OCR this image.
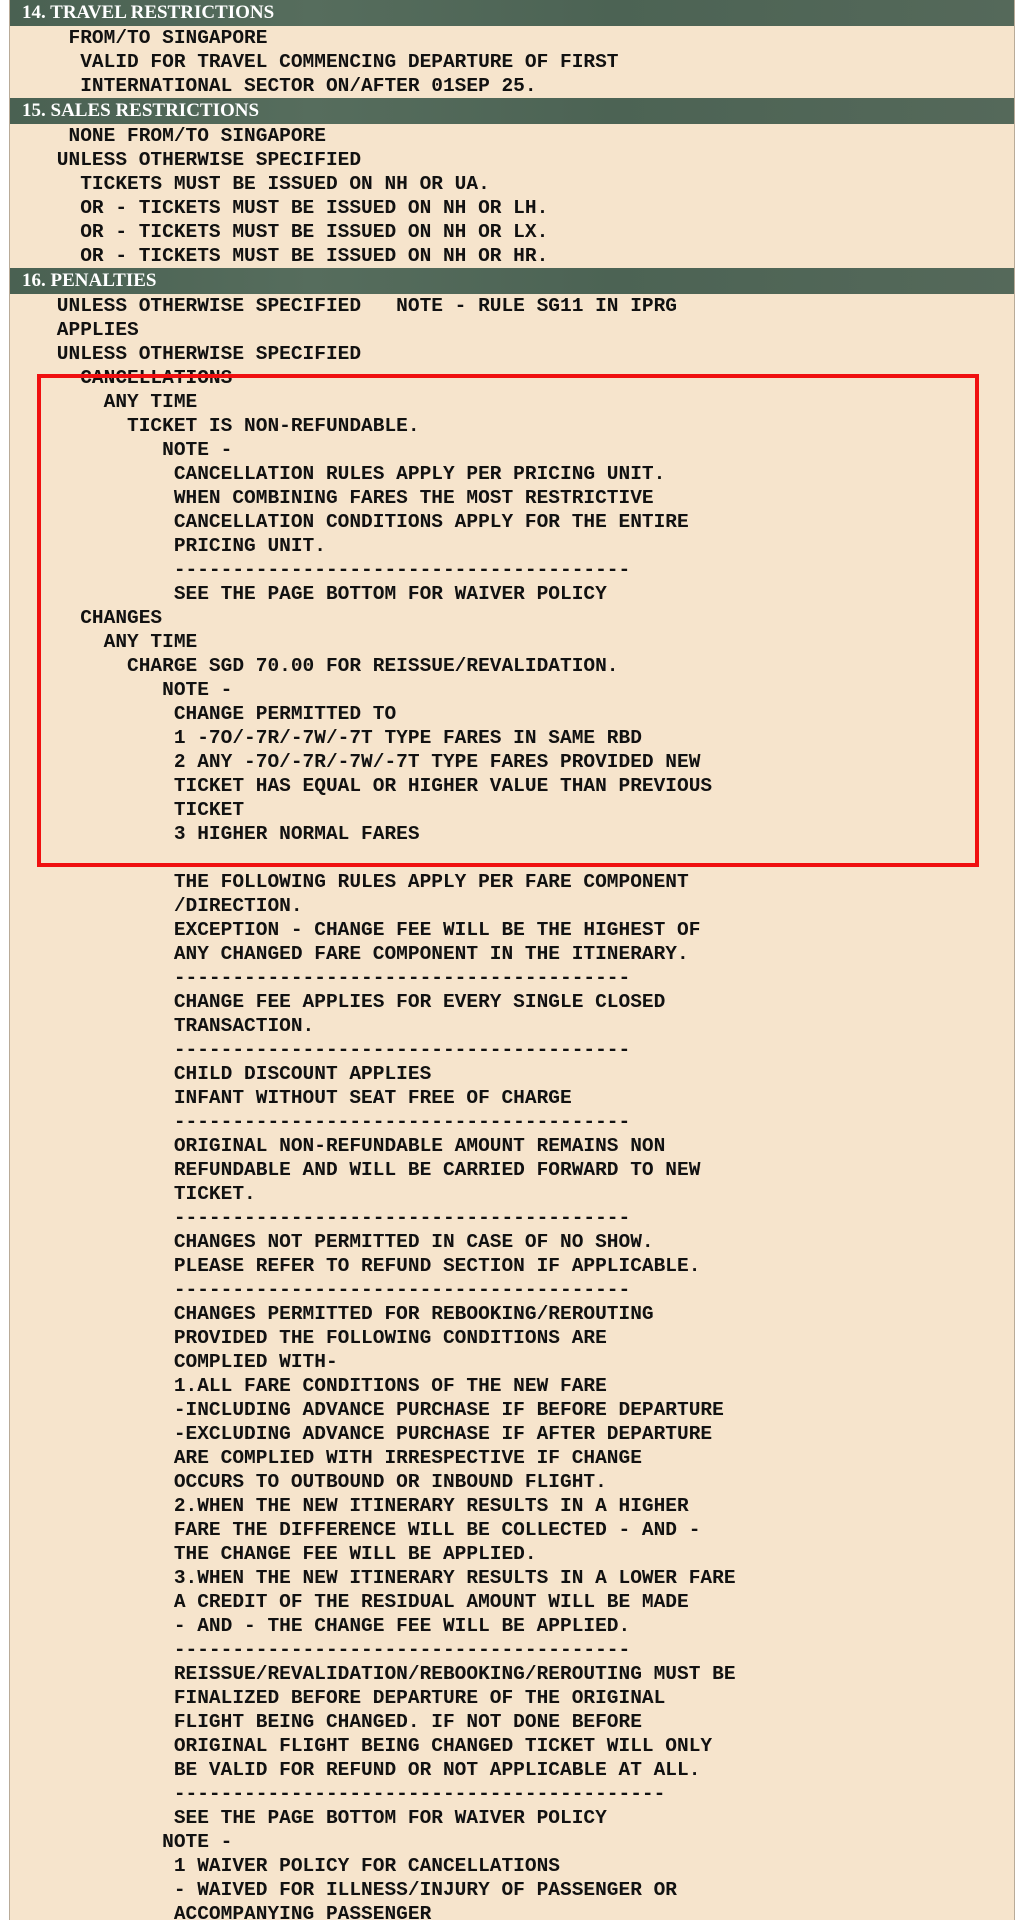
14. TRAVEL RESTRICTIONS
FROM/TO SINGAPORE
VALID FOR TRAVEL COMMENCING DEPARTURE OF FIRST
INTERNATIONAL SECTOR ON/AFTER 01SEP 25.
15. SALES RESTRICTIONS
NONE FROM/TO SINGAPORE
UNLESS OTHERWISE SPECIFIED
TICKETS MUST BE ISSUED ON NH OR UA.
OR - TICKETS MUST BE ISSUED ON NH OR LH.
OR - TICKETS MUST BE ISSUED ON NH OR LX.
OR - TICKETS MUST BE ISSUED ON NH OR HR.
16. PENALTIES
UNLESS OTHERWISE SPECIFIED   NOTE - RULE SG11 IN IPRG
APPLIES
UNLESS OTHERWISE SPECIFIED
CANCELLATIONS
ANY TIME
TICKET IS NON-REFUNDABLE.
NOTE -
CANCELLATION RULES APPLY PER PRICING UNIT.
WHEN COMBINING FARES THE MOST RESTRICTIVE
CANCELLATION CONDITIONS APPLY FOR THE ENTIRE
PRICING UNIT.
---------------------------------------
SEE THE PAGE BOTTOM FOR WAIVER POLICY
CHANGES
ANY TIME
CHARGE SGD 70.00 FOR REISSUE/REVALIDATION.
NOTE -
CHANGE PERMITTED TO
1 -7O/-7R/-7W/-7T TYPE FARES IN SAME RBD
2 ANY -7O/-7R/-7W/-7T TYPE FARES PROVIDED NEW
TICKET HAS EQUAL OR HIGHER VALUE THAN PREVIOUS
TICKET
3 HIGHER NORMAL FARES
THE FOLLOWING RULES APPLY PER FARE COMPONENT
/DIRECTION.
EXCEPTION - CHANGE FEE WILL BE THE HIGHEST OF
ANY CHANGED FARE COMPONENT IN THE ITINERARY.
---------------------------------------
CHANGE FEE APPLIES FOR EVERY SINGLE CLOSED
TRANSACTION.
---------------------------------------
CHILD DISCOUNT APPLIES
INFANT WITHOUT SEAT FREE OF CHARGE
---------------------------------------
ORIGINAL NON-REFUNDABLE AMOUNT REMAINS NON
REFUNDABLE AND WILL BE CARRIED FORWARD TO NEW
TICKET.
---------------------------------------
CHANGES NOT PERMITTED IN CASE OF NO SHOW.
PLEASE REFER TO REFUND SECTION IF APPLICABLE.
---------------------------------------
CHANGES PERMITTED FOR REBOOKING/REROUTING
PROVIDED THE FOLLOWING CONDITIONS ARE
COMPLIED WITH-
1.ALL FARE CONDITIONS OF THE NEW FARE
-INCLUDING ADVANCE PURCHASE IF BEFORE DEPARTURE
-EXCLUDING ADVANCE PURCHASE IF AFTER DEPARTURE
ARE COMPLIED WITH IRRESPECTIVE IF CHANGE
OCCURS TO OUTBOUND OR INBOUND FLIGHT.
2.WHEN THE NEW ITINERARY RESULTS IN A HIGHER
FARE THE DIFFERENCE WILL BE COLLECTED - AND -
THE CHANGE FEE WILL BE APPLIED.
3.WHEN THE NEW ITINERARY RESULTS IN A LOWER FARE
A CREDIT OF THE RESIDUAL AMOUNT WILL BE MADE
- AND - THE CHANGE FEE WILL BE APPLIED.
---------------------------------------
REISSUE/REVALIDATION/REBOOKING/REROUTING MUST BE
FINALIZED BEFORE DEPARTURE OF THE ORIGINAL
FLIGHT BEING CHANGED. IF NOT DONE BEFORE
ORIGINAL FLIGHT BEING CHANGED TICKET WILL ONLY
BE VALID FOR REFUND OR NOT APPLICABLE AT ALL.
------------------------------------------
SEE THE PAGE BOTTOM FOR WAIVER POLICY
NOTE -
1 WAIVER POLICY FOR CANCELLATIONS
- WAIVED FOR ILLNESS/INJURY OF PASSENGER OR
ACCOMPANYING PASSENGER
